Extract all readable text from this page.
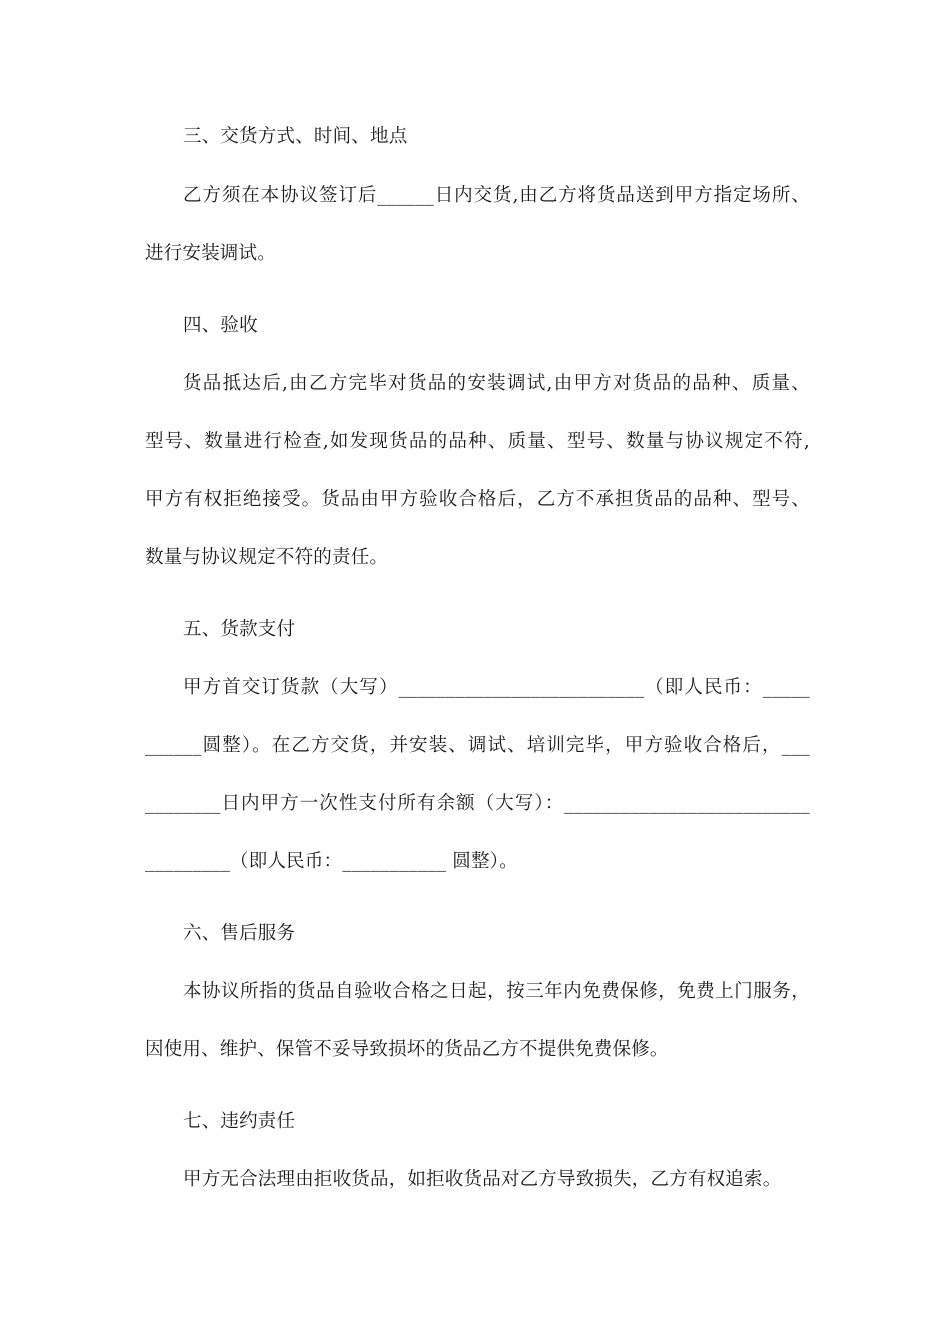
三、交货方式、时间、地点
乙方须在本协议签订后______日内交货,由乙方将货品送到甲方指定场所、
进行安装调试。
四、验收
货品抵达后,由乙方完毕对货品的安装调试,由甲方对货品的品种、质量、
型号、数量进行检查,如发现货品的品种、质量、型号、数量与协议规定不符,
甲方有权拒绝接受。货品由甲方验收合格后，乙方不承担货品的品种、型号、
数量与协议规定不符的责任。
五、货款支付
甲方首交订货款（大写）__________________________（即人民币：_____
______圆整）。在乙方交货，并安装、调试、培训完毕，甲方验收合格后，___
________日内甲方一次性支付所有余额（大写）：__________________________
_________（即人民币：___________ 圆整）。
六、售后服务
本协议所指的货品自验收合格之日起，按三年内免费保修，免费上门服务，
因使用、维护、保管不妥导致损坏的货品乙方不提供免费保修。
七、违约责任
甲方无合法理由拒收货品，如拒收货品对乙方导致损失，乙方有权追索。
